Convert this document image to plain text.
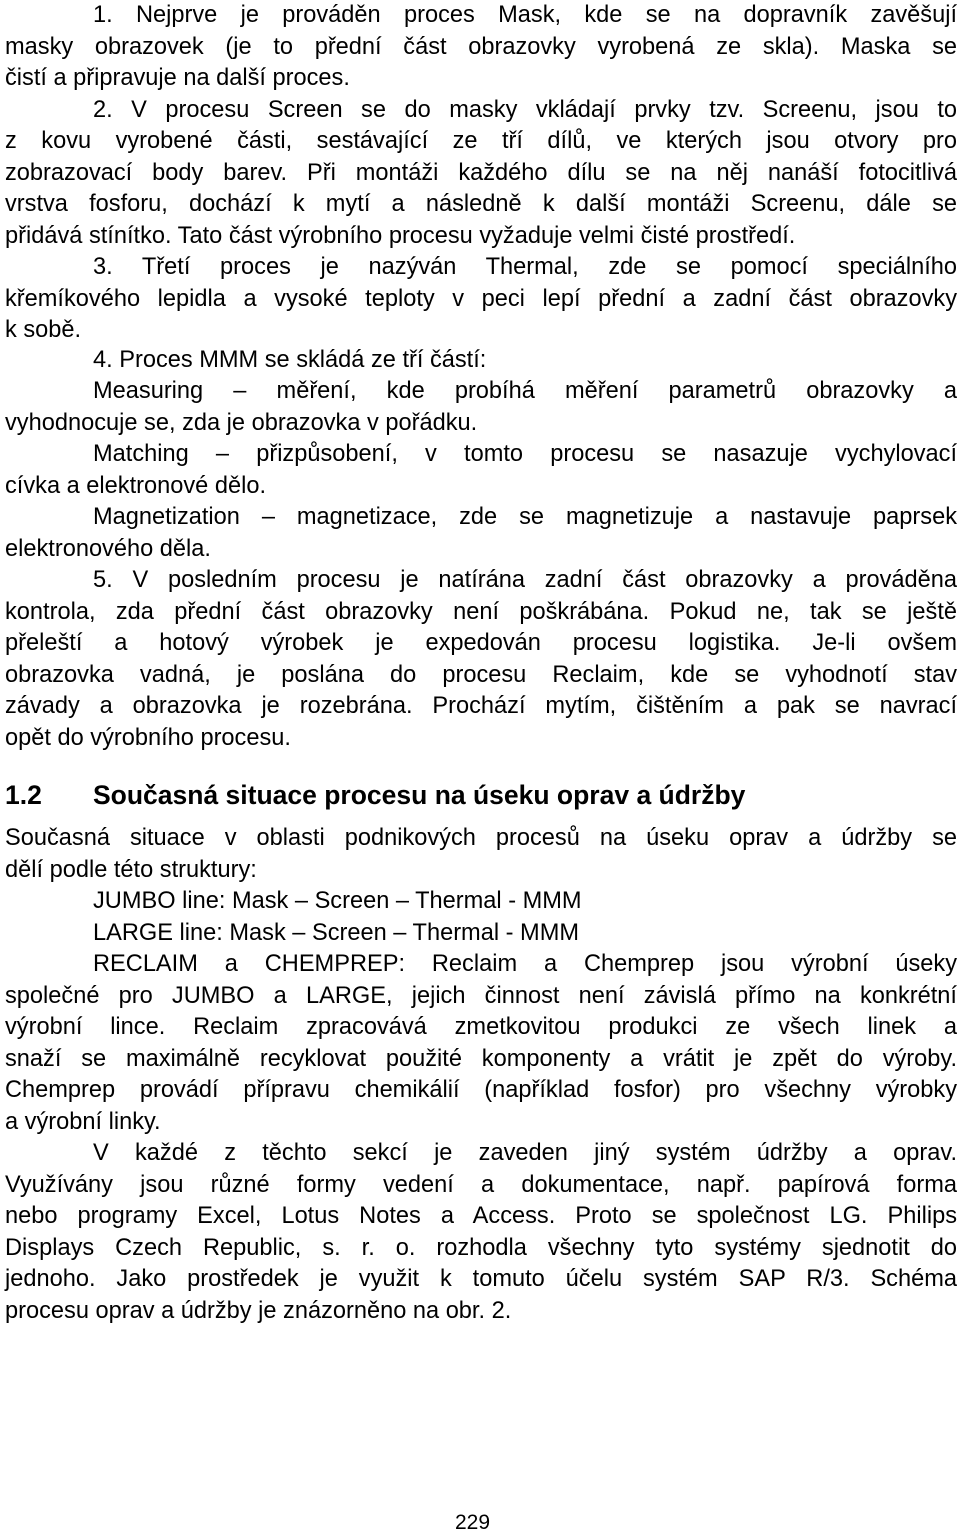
1. Nejprve je prováděn proces Mask, kde se na dopravník zavěšují
masky obrazovek (je to přední část obrazovky vyrobená ze skla). Maska se
čistí a připravuje na další proces.
2. V procesu Screen se do masky vkládají prvky tzv. Screenu, jsou to
z kovu vyrobené části, sestávající ze tří dílů, ve kterých jsou otvory pro
zobrazovací body barev. Při montáži každého dílu se na něj nanáší fotocitlivá
vrstva fosforu, dochází k mytí a následně k další montáži Screenu, dále se
přidává stínítko. Tato část výrobního procesu vyžaduje velmi čisté prostředí.
3. Třetí proces je nazýván Thermal, zde se pomocí speciálního
křemíkového lepidla a vysoké teploty v peci lepí přední a zadní část obrazovky
k sobě.
4. Proces MMM se skládá ze tří částí:
Measuring – měření, kde probíhá měření parametrů obrazovky a
vyhodnocuje se, zda je obrazovka v pořádku.
Matching – přizpůsobení, v tomto procesu se nasazuje vychylovací
cívka a elektronové dělo.
Magnetization – magnetizace, zde se magnetizuje a nastavuje paprsek
elektronového děla.
5. V posledním procesu je natírána zadní část obrazovky a prováděna
kontrola, zda přední část obrazovky není poškrábána. Pokud ne, tak se ještě
přeleští a hotový výrobek je expedován procesu logistika. Je-li ovšem
obrazovka vadná, je poslána do procesu Reclaim, kde se vyhodnotí stav
závady a obrazovka je rozebrána. Prochází mytím, čištěním a pak se navrací
opět do výrobního procesu.
1.2 Současná situace procesu na úseku oprav a údržby
Současná situace v oblasti podnikových procesů na úseku oprav a údržby se
dělí podle této struktury:
JUMBO line: Mask – Screen – Thermal - MMM
LARGE line: Mask – Screen – Thermal - MMM
RECLAIM a CHEMPREP: Reclaim a Chemprep jsou výrobní úseky
společné pro JUMBO a LARGE, jejich činnost není závislá přímo na konkrétní
výrobní lince. Reclaim zpracovává zmetkovitou produkci ze všech linek a
snaží se maximálně recyklovat použité komponenty a vrátit je zpět do výroby.
Chemprep provádí přípravu chemikálií (například fosfor) pro všechny výrobky
a výrobní linky.
V každé z těchto sekcí je zaveden jiný systém údržby a oprav.
Využívány jsou různé formy vedení a dokumentace, např. papírová forma
nebo programy Excel, Lotus Notes a Access. Proto se společnost LG. Philips
Displays Czech Republic, s. r. o. rozhodla všechny tyto systémy sjednotit do
jednoho. Jako prostředek je využit k tomuto účelu systém SAP R/3. Schéma
procesu oprav a údržby je znázorněno na obr. 2.
229
